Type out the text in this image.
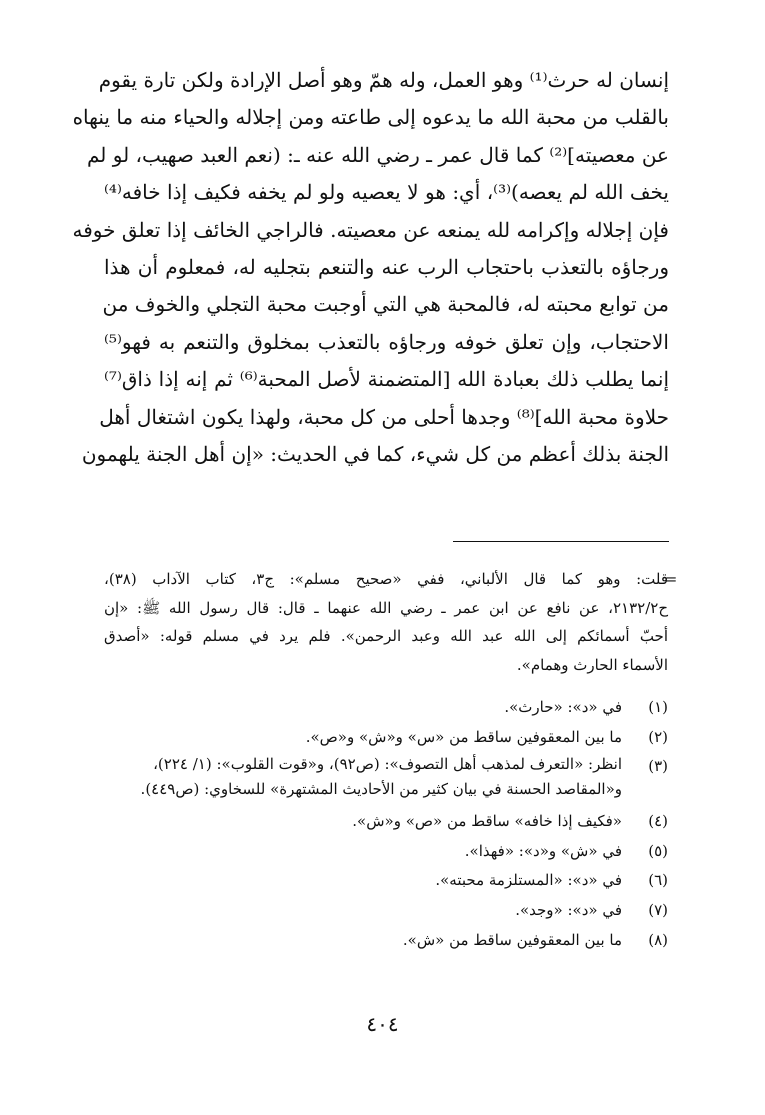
إنسان له حرث⁽¹⁾ وهو العمل، وله همّ وهو أصل الإرادة ولكن تارة يقوم
بالقلب من محبة الله ما يدعوه إلى طاعته ومن إجلاله والحياء منه ما ينهاه
عن معصيته]⁽²⁾ كما قال عمر ـ رضي الله عنه ـ: (نعم العبد صهيب، لو لم
يخف الله لم يعصه)⁽³⁾، أي: هو لا يعصيه ولو لم يخفه فكيف إذا خافه⁽⁴⁾
فإن إجلاله وإكرامه لله يمنعه عن معصيته. فالراجي الخائف إذا تعلق خوفه
ورجاؤه بالتعذب باحتجاب الرب عنه والتنعم بتجليه له، فمعلوم أن هذا
من توابع محبته له، فالمحبة هي التي أوجبت محبة التجلي والخوف من
الاحتجاب، وإن تعلق خوفه ورجاؤه بالتعذب بمخلوق والتنعم به فهو⁽⁵⁾
إنما يطلب ذلك بعبادة الله [المتضمنة لأصل المحبة⁽⁶⁾ ثم إنه إذا ذاق⁽⁷⁾
حلاوة محبة الله]⁽⁸⁾ وجدها أحلى من كل محبة، ولهذا يكون اشتغال أهل
الجنة بذلك أعظم من كل شيء، كما في الحديث: «إن أهل الجنة يلهمون
=
قلت: وهو كما قال الألباني، ففي «صحيح مسلم»: ج٣، كتاب الآداب (٣٨)،
ح٢١٣٢/٢، عن نافع عن ابن عمر ـ رضي الله عنهما ـ قال: قال رسول الله ﷺ: «إن
أحبّ أسمائكم إلى الله عبد الله وعبد الرحمن». فلم يرد في مسلم قوله: «أصدق
الأسماء الحارث وهمام».
(١)
في «د»: «حارث».
(٢)
ما بين المعقوفين ساقط من «س» و«ش» و«ص».
(٣)
انظر: «التعرف لمذهب أهل التصوف»: (ص٩٢)، و«قوت القلوب»: (١/ ٢٢٤)،
و«المقاصد الحسنة في بيان كثير من الأحاديث المشتهرة» للسخاوي: (ص٤٤٩).
(٤)
«فكيف إذا خافه» ساقط من «ص» و«ش».
(٥)
في «ش» و«د»: «فهذا».
(٦)
في «د»: «المستلزمة محبته».
(٧)
في «د»: «وجد».
(٨)
ما بين المعقوفين ساقط من «ش».
٤٠٤
